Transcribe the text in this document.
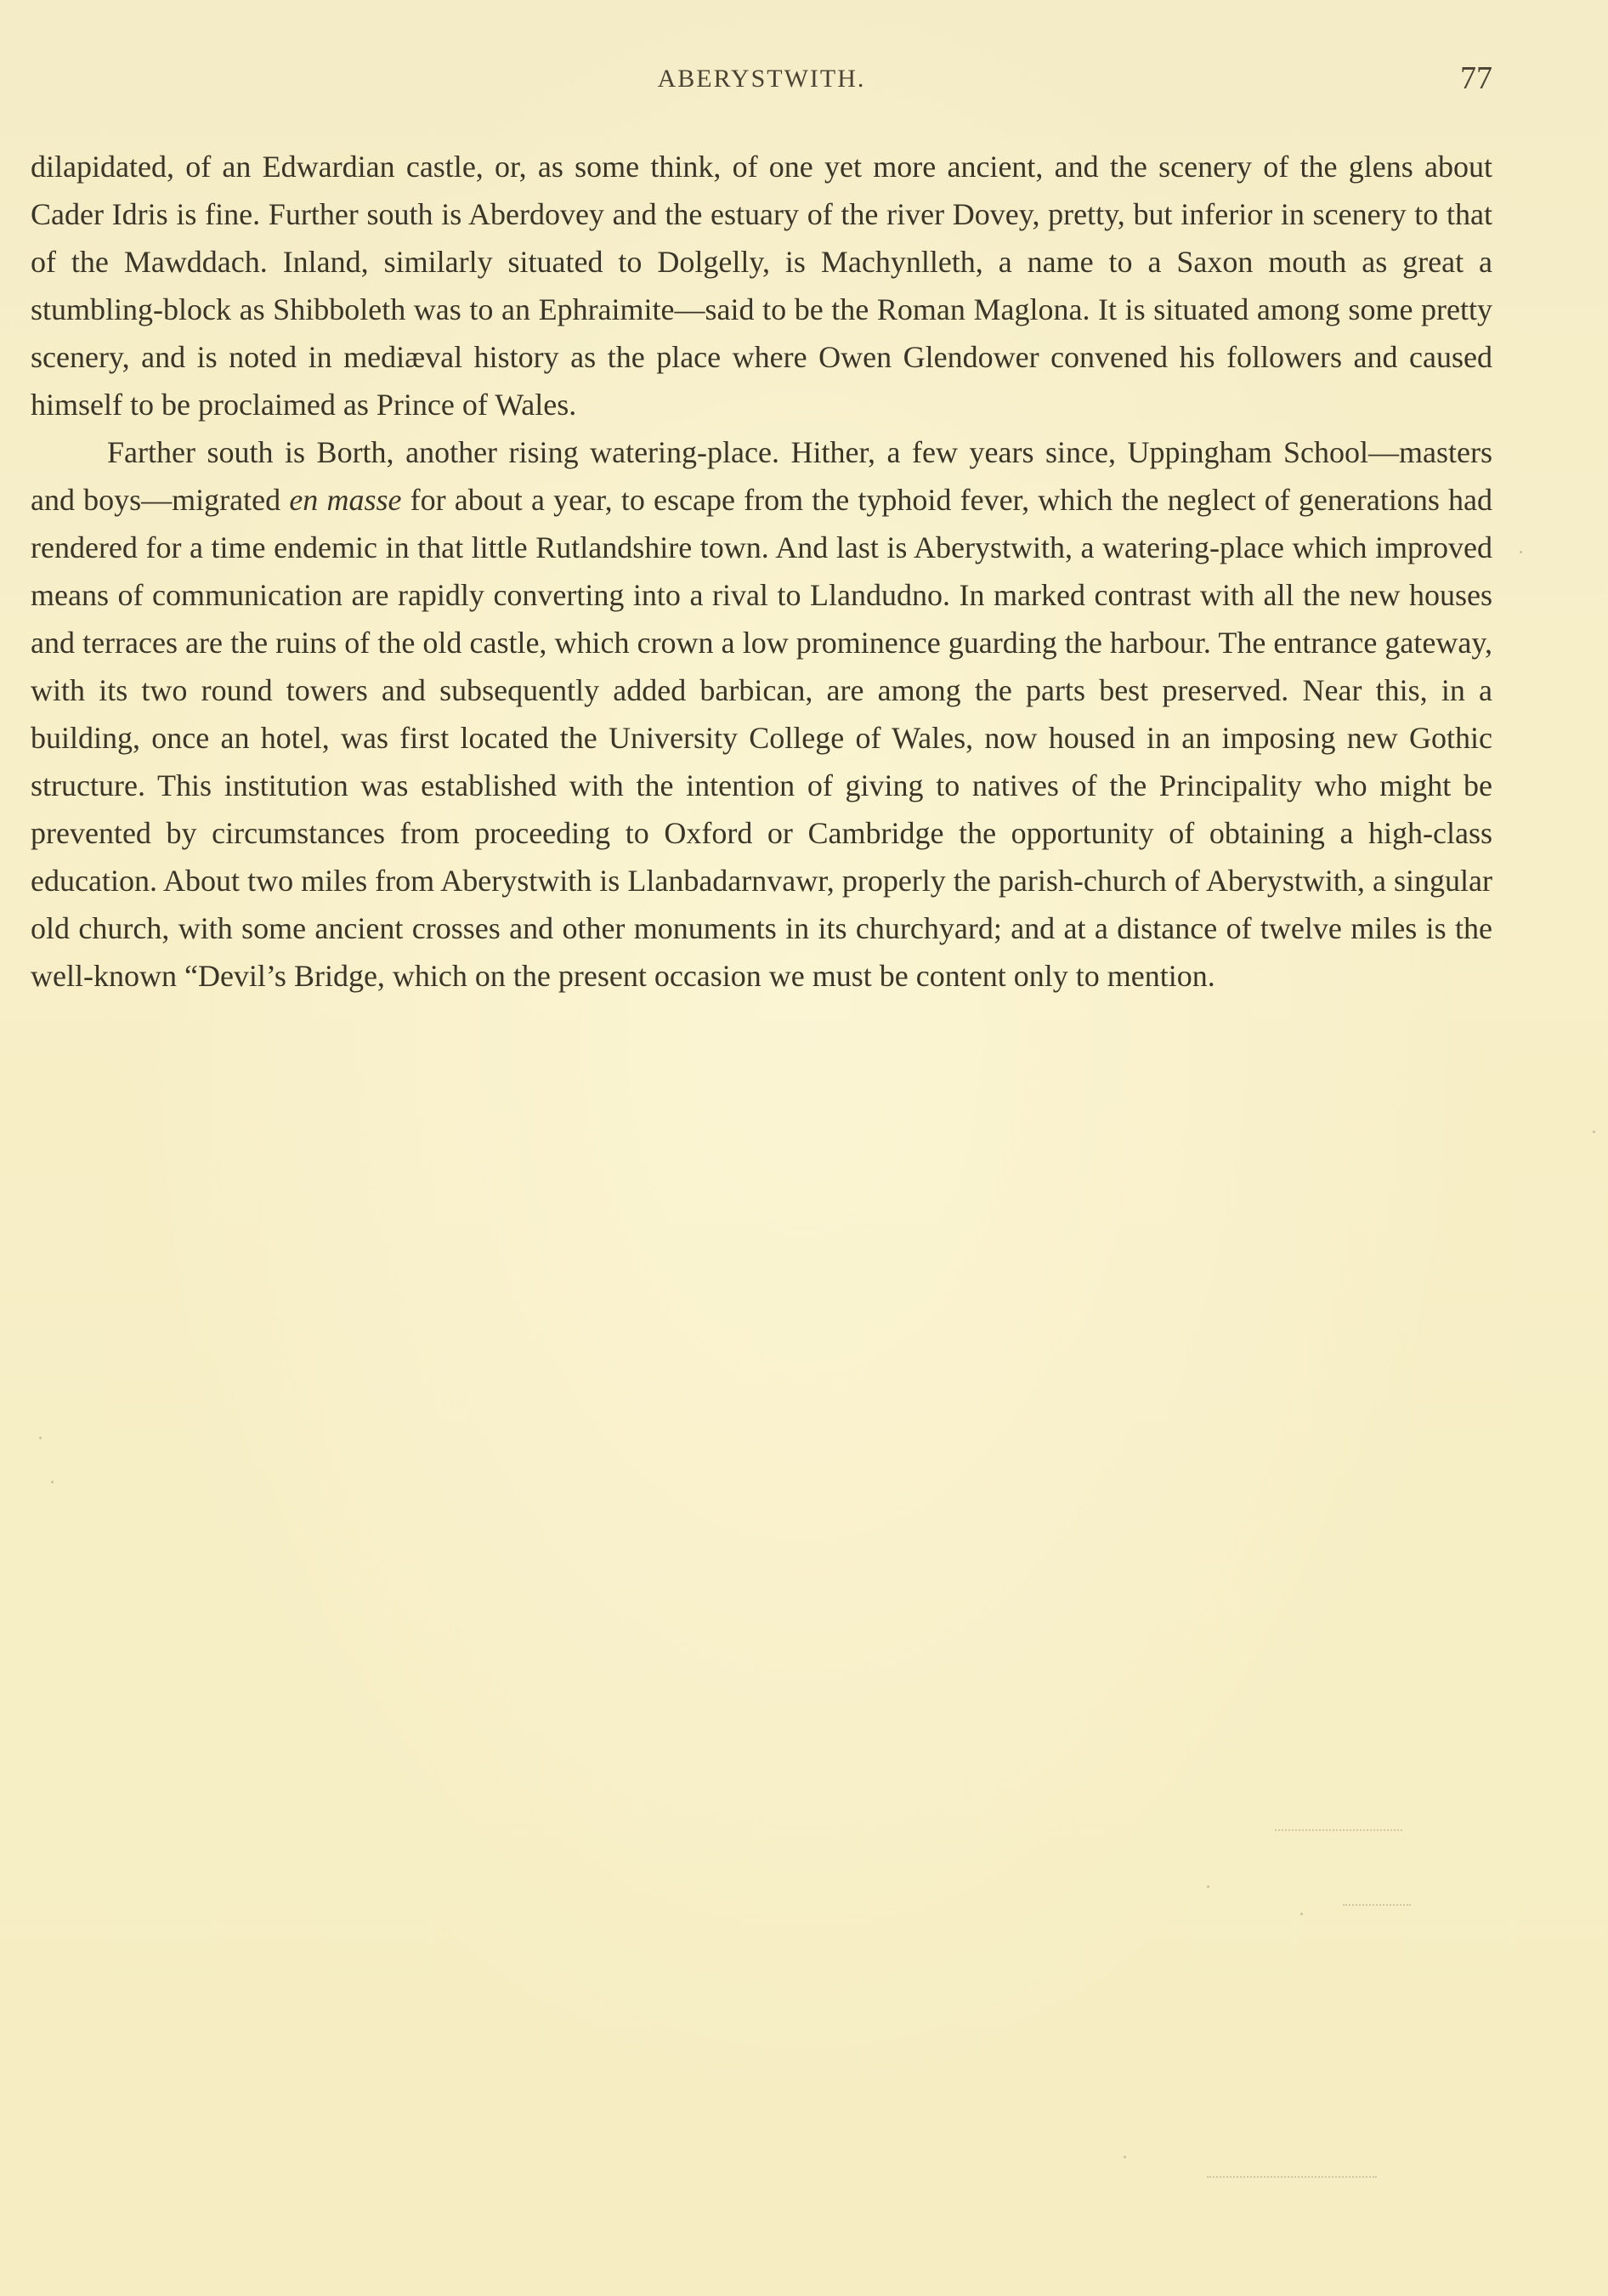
ABERYSTWITH.	77

dilapidated, of an Edwardian castle, or, as some think, of one yet more ancient, and the scenery of the glens about Cader Idris is fine. Further south is Aberdovey and the estuary of the river Dovey, pretty, but inferior in scenery to that of the Mawddach. Inland, similarly situated to Dolgelly, is Machynlleth, a name to a Saxon mouth as great a stumbling-block as Shibboleth was to an Ephraimite—said to be the Roman Maglona. It is situated among some pretty scenery, and is noted in mediæval history as the place where Owen Glendower convened his followers and caused himself to be proclaimed as Prince of Wales.

Farther south is Borth, another rising watering-place. Hither, a few years since, Uppingham School—masters and boys—migrated en masse for about a year, to escape from the typhoid fever, which the neglect of generations had rendered for a time endemic in that little Rutlandshire town. And last is Aberystwith, a watering-place which improved means of communication are rapidly converting into a rival to Llandudno. In marked contrast with all the new houses and terraces are the ruins of the old castle, which crown a low prominence guarding the harbour. The entrance gateway, with its two round towers and subsequently added barbican, are among the parts best preserved. Near this, in a building, once an hotel, was first located the University College of Wales, now housed in an imposing new Gothic structure. This institution was established with the intention of giving to natives of the Principality who might be prevented by circumstances from proceeding to Oxford or Cambridge the opportunity of obtaining a high-class education. About two miles from Aberystwith is Llanbadarnvawr, properly the parish-church of Aberystwith, a singular old church, with some ancient crosses and other monuments in its churchyard; and at a distance of twelve miles is the well-known “Devil’s Bridge, which on the present occasion we must be content only to mention.
